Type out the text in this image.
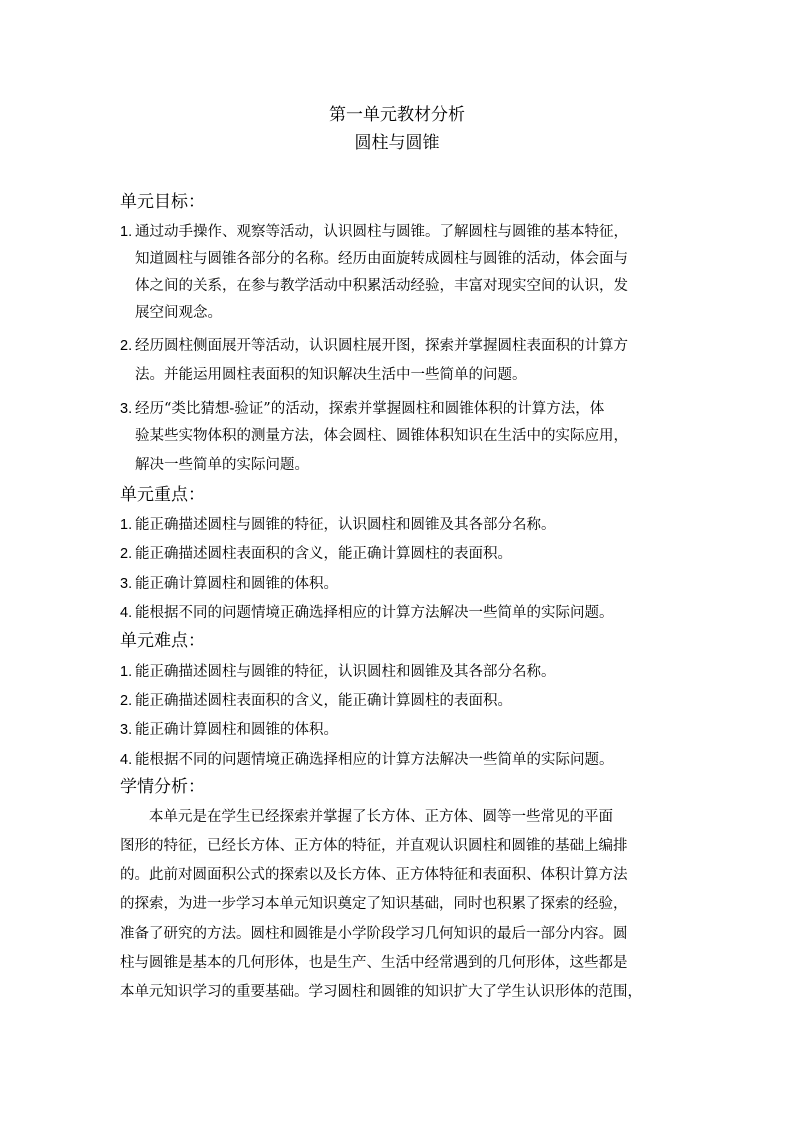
第一单元教材分析
圆柱与圆锥
单元目标：
1. 通过动手操作、观察等活动，认识圆柱与圆锥。了解圆柱与圆锥的基本特征，
知道圆柱与圆锥各部分的名称。经历由面旋转成圆柱与圆锥的活动，体会面与
体之间的关系，在参与教学活动中积累活动经验，丰富对现实空间的认识，发
展空间观念。
2. 经历圆柱侧面展开等活动，认识圆柱展开图，探索并掌握圆柱表面积的计算方
法。并能运用圆柱表面积的知识解决生活中一些简单的问题。
3. 经历“类比猜想-验证”的活动，探索并掌握圆柱和圆锥体积的计算方法，体
验某些实物体积的测量方法，体会圆柱、圆锥体积知识在生活中的实际应用，
解决一些简单的实际问题。
单元重点：
1. 能正确描述圆柱与圆锥的特征，认识圆柱和圆锥及其各部分名称。
2. 能正确描述圆柱表面积的含义，能正确计算圆柱的表面积。
3. 能正确计算圆柱和圆锥的体积。
4. 能根据不同的问题情境正确选择相应的计算方法解决一些简单的实际问题。
单元难点：
1. 能正确描述圆柱与圆锥的特征，认识圆柱和圆锥及其各部分名称。
2. 能正确描述圆柱表面积的含义，能正确计算圆柱的表面积。
3. 能正确计算圆柱和圆锥的体积。
4. 能根据不同的问题情境正确选择相应的计算方法解决一些简单的实际问题。
学情分析：
本单元是在学生已经探索并掌握了长方体、正方体、圆等一些常见的平面
图形的特征，已经长方体、正方体的特征，并直观认识圆柱和圆锥的基础上编排
的。此前对圆面积公式的探索以及长方体、正方体特征和表面积、体积计算方法
的探索，为进一步学习本单元知识奠定了知识基础，同时也积累了探索的经验，
准备了研究的方法。圆柱和圆锥是小学阶段学习几何知识的最后一部分内容。圆
柱与圆锥是基本的几何形体，也是生产、生活中经常遇到的几何形体，这些都是
本单元知识学习的重要基础。学习圆柱和圆锥的知识扩大了学生认识形体的范围，
